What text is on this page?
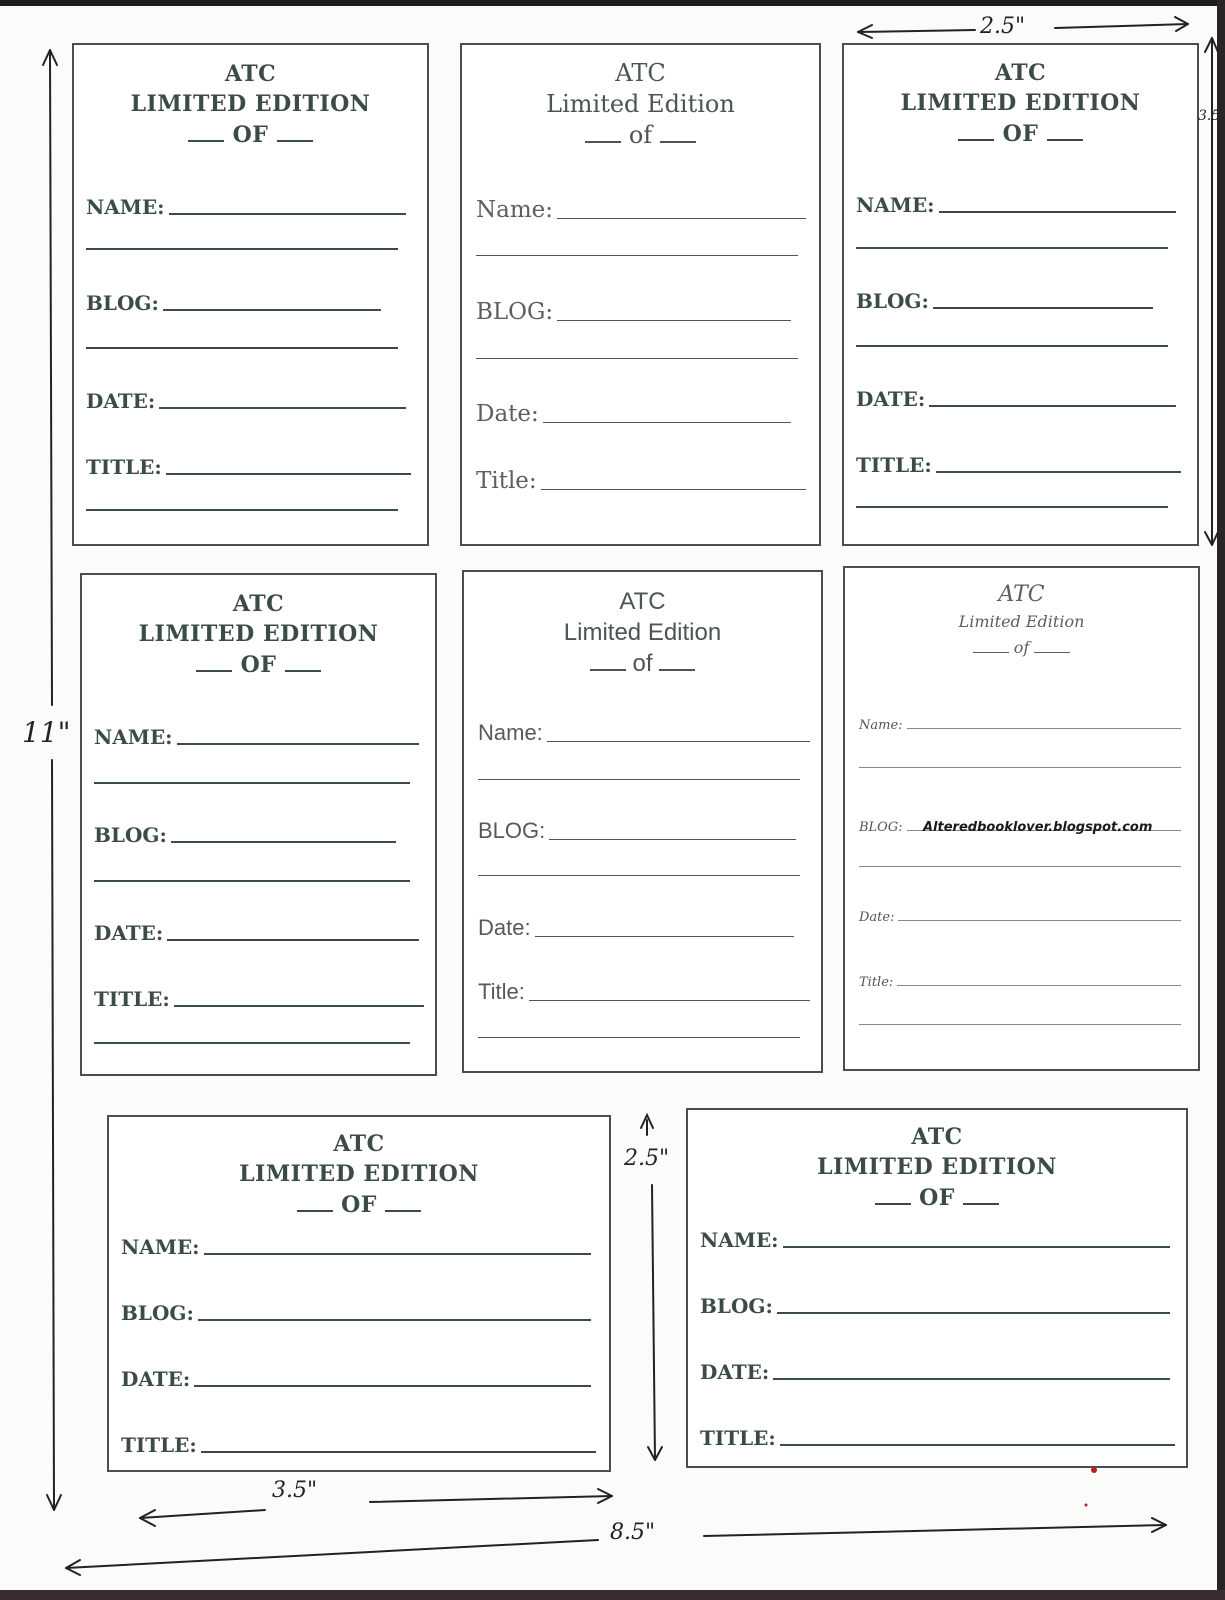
ATC
LIMITED EDITION
OF
NAME:
BLOG:
DATE:
TITLE:
ATC
Limited Edition
of
Name:
BLOG:
Date:
Title:
ATC
LIMITED EDITION
OF
NAME:
BLOG:
DATE:
TITLE:
ATC
LIMITED EDITION
OF
NAME:
BLOG:
DATE:
TITLE:
ATC
Limited Edition
of
Name:
BLOG:
Date:
Title:
ATC
Limited Edition
of
Name:
BLOG: Alteredbooklover.blogspot.com
Date:
Title:
ATC
LIMITED EDITION
OF
NAME:
BLOG:
DATE:
TITLE:
ATC
LIMITED EDITION
OF
NAME:
BLOG:
DATE:
TITLE:
2.5"
3.5
11"
2.5"
3.5"
8.5"
